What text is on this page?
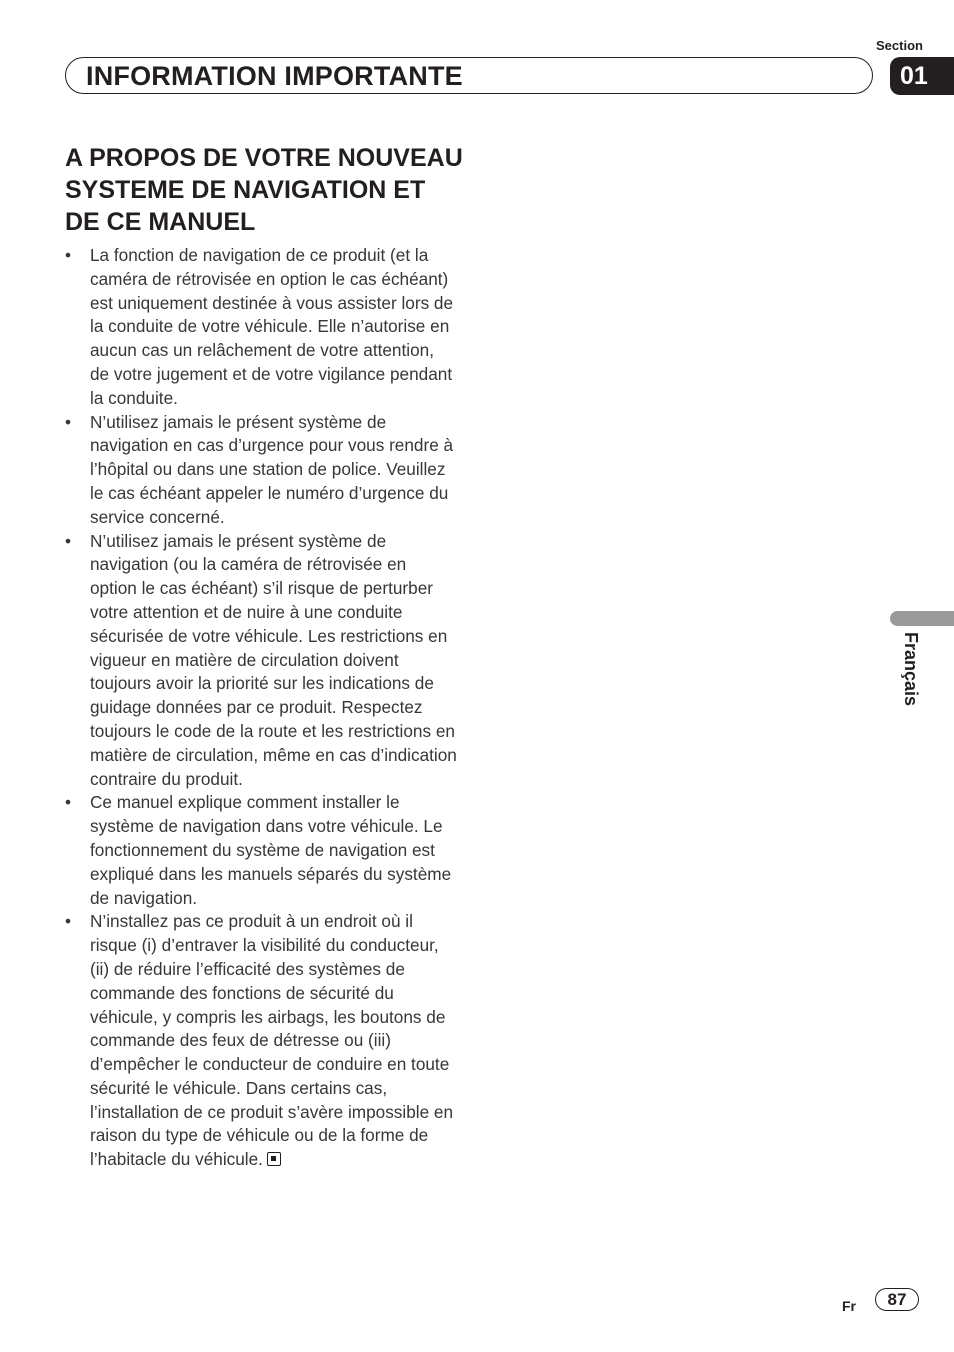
Section
INFORMATION IMPORTANTE	01
A PROPOS DE VOTRE NOUVEAU SYSTEME DE NAVIGATION ET DE CE MANUEL
• La fonction de navigation de ce produit (et la caméra de rétrovisée en option le cas échéant) est uniquement destinée à vous assister lors de la conduite de votre véhicule. Elle n’autorise en aucun cas un relâchement de votre attention, de votre jugement et de votre vigilance pendant la conduite.
• N’utilisez jamais le présent système de navigation en cas d’urgence pour vous rendre à l’hôpital ou dans une station de police. Veuillez le cas échéant appeler le numéro d’urgence du service concerné.
• N’utilisez jamais le présent système de navigation (ou la caméra de rétrovisée en option le cas échéant) s’il risque de perturber votre attention et de nuire à une conduite sécurisée de votre véhicule. Les restrictions en vigueur en matière de circulation doivent toujours avoir la priorité sur les indications de guidage données par ce produit. Respectez toujours le code de la route et les restrictions en matière de circulation, même en cas d’indication contraire du produit.
• Ce manuel explique comment installer le système de navigation dans votre véhicule. Le fonctionnement du système de navigation est expliqué dans les manuels séparés du système de navigation.
• N’installez pas ce produit à un endroit où il risque (i) d’entraver la visibilité du conducteur, (ii) de réduire l’efficacité des systèmes de commande des fonctions de sécurité du véhicule, y compris les airbags, les boutons de commande des feux de détresse ou (iii) d’empêcher le conducteur de conduire en toute sécurité le véhicule. Dans certains cas, l’installation de ce produit s’avère impossible en raison du type de véhicule ou de la forme de l’habitacle du véhicule.
Français
Fr	87
